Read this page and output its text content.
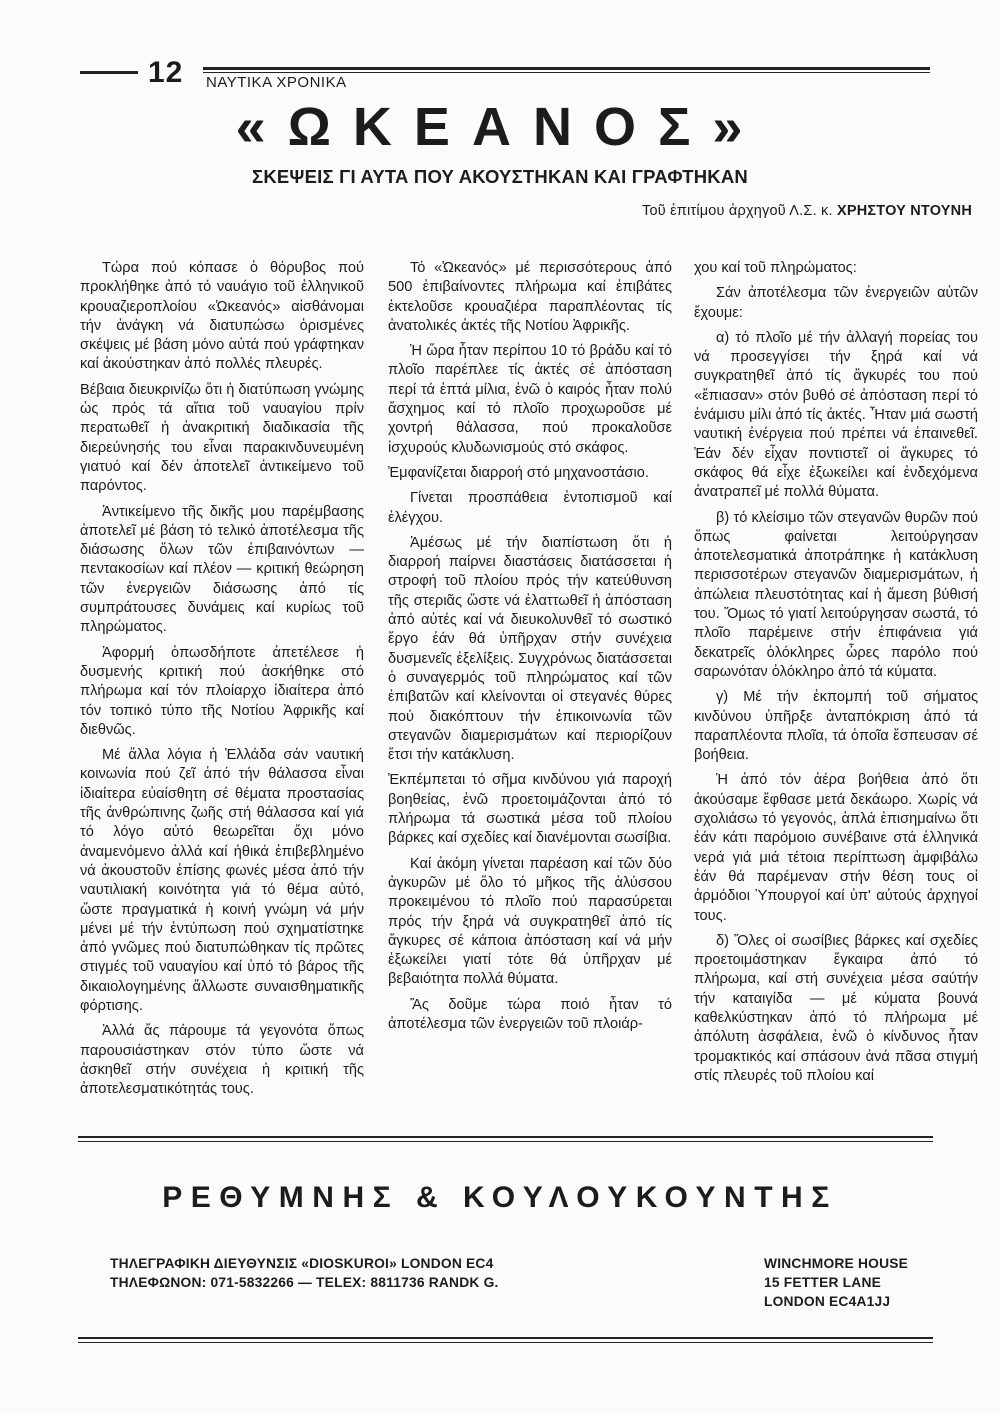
12 ΝΑΥΤΙΚΑ ΧΡΟΝΙΚΑ
«ΩΚΕΑΝΟΣ»
ΣΚΕΨΕΙΣ ΓΙ ΑΥΤΑ ΠΟΥ ΑΚΟΥΣΤΗΚΑΝ ΚΑΙ ΓΡΑΦΤΗΚΑΝ
Τοῦ ἐπιτίμου ἀρχηγοῦ Λ.Σ. κ. ΧΡΗΣΤΟΥ ΝΤΟΥΝΗ

Τώρα πού κόπασε ὁ θόρυβος πού προκλήθηκε ἀπό τό ναυάγιο τοῦ ἑλληνικοῦ κρουαζιεροπλοίου «Ὠκεανός» αἰσθάνομαι τήν ἀνάγκη νά διατυπώσω ὁρισμένες σκέψεις μέ βάση μόνο αὐτά πού γράφτηκαν καί ἀκούστηκαν ἀπό πολλές πλευρές.

Βέβαια διευκρινίζω ὅτι ἡ διατύπωση γνώμης ὡς πρός τά αἴτια τοῦ ναυαγίου πρίν περατωθεῖ ἡ ἀνακριτική διαδικασία τῆς διερεύνησής του εἶναι παρακινδυνευμένη γιατυό καί δέν ἀποτελεῖ ἀντικείμενο τοῦ παρόντος.

Ἀντικείμενο τῆς δικῆς μου παρέμβασης ἀποτελεῖ μέ βάση τό τελικό ἀποτέλεσμα τῆς διάσωσης ὅλων τῶν ἐπιβαινόντων — πεντακοσίων καί πλέον — κριτική θεώρηση τῶν ἐνεργειῶν διάσωσης ἀπό τίς συμπράτουσες δυνάμεις καί κυρίως τοῦ πληρώματος.

Ἀφορμή ὁπωσδήποτε ἀπετέλεσε ἡ δυσμενής κριτική πού ἀσκήθηκε στό πλήρωμα καί τόν πλοίαρχο ἰδιαίτερα ἀπό τόν τοπικό τύπο τῆς Νοτίου Ἀφρικῆς καί διεθνῶς.

Μέ ἄλλα λόγια ἡ Ἑλλάδα σάν ναυτική κοινωνία πού ζεῖ ἀπό τήν θάλασσα εἶναι ἰδιαίτερα εὐαίσθητη σέ θέματα προστασίας τῆς ἀνθρώπινης ζωῆς στή θάλασσα καί γιά τό λόγο αὐτό θεωρεῖται ὄχι μόνο ἀναμενόμενο ἀλλά καί ἠθικά ἐπιβεβλημένο νά ἀκουστοῦν ἐπίσης φωνές μέσα ἀπό τήν ναυτιλιακή κοινότητα γιά τό θέμα αὐτό, ὥστε πραγματικά ἡ κοινή γνώμη νά μήν μένει μέ τήν ἐντύπωση πού σχηματίστηκε ἀπό γνῶμες πού διατυπώθηκαν τίς πρῶτες στιγμές τοῦ ναυαγίου καί ὑπό τό βάρος τῆς δικαιολογημένης ἄλλωστε συναισθηματικῆς φόρτισης.

Ἀλλά ἄς πάρουμε τά γεγονότα ὅπως παρουσιάστηκαν στόν τύπο ὥστε νά ἀσκηθεῖ στήν συνέχεια ἡ κριτική τῆς ἀποτελεσματικότητάς τους.

Τό «Ὠκεανός» μέ περισσότερους ἀπό 500 ἐπιβαίνοντες πλήρωμα καί ἐπιβάτες ἐκτελοῦσε κρουαζιέρα παραπλέοντας τίς ἀνατολικές ἀκτές τῆς Νοτίου Ἀφρικῆς.

Ἡ ὥρα ἦταν περίπου 10 τό βράδυ καί τό πλοῖο παρέπλεε τίς ἀκτές σέ ἀπόσταση περί τά ἑπτά μίλια, ἐνῶ ὁ καιρός ἦταν πολύ ἄσχημος καί τό πλοῖο προχωροῦσε μέ χοντρή θάλασσα, πού προκαλοῦσε ἰσχυρούς κλυδωνισμούς στό σκάφος.

Ἐμφανίζεται διαρροή στό μηχανοστάσιο.

Γίνεται προσπάθεια ἐντοπισμοῦ καί ἐλέγχου.

Ἀμέσως μέ τήν διαπίστωση ὅτι ἡ διαρροή παίρνει διαστάσεις διατάσσεται ἡ στροφή τοῦ πλοίου πρός τήν κατεύθυνση τῆς στεριᾶς ὥστε νά ἐλαττωθεῖ ἡ ἀπόσταση ἀπό αὐτές καί νά διευκολυνθεῖ τό σωστικό ἔργο ἐάν θά ὑπῆρχαν στήν συνέχεια δυσμενεῖς ἐξελίξεις. Συγχρόνως διατάσσεται ὁ συναγερμός τοῦ πληρώματος καί τῶν ἐπιβατῶν καί κλείνονται οἱ στεγανές θύρες πού διακόπτουν τήν ἐπικοινωνία τῶν στεγανῶν διαμερισμάτων καί περιορίζουν ἔτσι τήν κατάκλυση.

Ἐκπέμπεται τό σῆμα κινδύνου γιά παροχή βοηθείας, ἐνῶ προετοιμάζονται ἀπό τό πλήρωμα τά σωστικά μέσα τοῦ πλοίου βάρκες καί σχεδίες καί διανέμονται σωσίβια.

Καί ἀκόμη γίνεται παρέαση καί τῶν δύο ἀγκυρῶν μέ ὅλο τό μῆκος τῆς ἁλύσσου προκειμένου τό πλοῖο πού παρασύρεται πρός τήν ξηρά νά συγκρατηθεῖ ἀπό τίς ἄγκυρες σέ κάποια ἀπόσταση καί νά μήν ἐξωκείλει γιατί τότε θά ὑπῆρχαν μέ βεβαιότητα πολλά θύματα.

Ἄς δοῦμε τώρα ποιό ἦταν τό ἀποτέλεσμα τῶν ἐνεργειῶν τοῦ πλοιάρ-

χου καί τοῦ πληρώματος:

Σάν ἀποτέλεσμα τῶν ἐνεργειῶν αὐτῶν ἔχουμε:

α) τό πλοῖο μέ τήν ἀλλαγή πορείας του νά προσεγγίσει τήν ξηρά καί νά συγκρατηθεῖ ἀπό τίς ἄγκυρές του πού «ἔπιασαν» στόν βυθό σέ ἀπόσταση περί τό ἑνάμισυ μίλι ἀπό τίς ἀκτές. Ἦταν μιά σωστή ναυτική ἐνέργεια πού πρέπει νά ἐπαινεθεῖ. Ἐάν δέν εἶχαν ποντιστεῖ οἱ ἄγκυρες τό σκάφος θά εἶχε ἐξωκείλει καί ἐνδεχόμενα ἀνατραπεῖ μέ πολλά θύματα.

β) τό κλείσιμο τῶν στεγανῶν θυρῶν πού ὅπως φαίνεται λειτούργησαν ἀποτελεσματικά ἀποτράπηκε ἡ κατάκλυση περισσοτέρων στεγανῶν διαμερισμάτων, ἡ ἀπώλεια πλευστότητας καί ἡ ἄμεση βύθισή του. Ὅμως τό γιατί λειτούργησαν σωστά, τό πλοῖο παρέμεινε στήν ἐπιφάνεια γιά δεκατρεῖς ὁλόκληρες ὧρες παρόλο πού σαρωνόταν ὁλόκληρο ἀπό τά κύματα.

γ) Μέ τήν ἐκπομπή τοῦ σήματος κινδύνου ὑπῆρξε ἀνταπόκριση ἀπό τά παραπλέοντα πλοῖα, τά ὁποῖα ἔσπευσαν σέ βοήθεια.

Ἡ ἀπό τόν ἀέρα βοήθεια ἀπό ὅτι ἀκούσαμε ἔφθασε μετά δεκάωρο. Χωρίς νά σχολιάσω τό γεγονός, ἁπλά ἐπισημαίνω ὅτι ἐάν κάτι παρόμοιο συνέβαινε στά ἑλληνικά νερά γιά μιά τέτοια περίπτωση ἀμφιβάλω ἐάν θά παρέμεναν στήν θέση τους οἱ ἁρμόδιοι Ὑπουργοί καί ὑπ' αὐτούς ἀρχηγοί τους.

δ) Ὅλες οἱ σωσίβιες βάρκες καί σχεδίες προετοιμάστηκαν ἔγκαιρα ἀπό τό πλήρωμα, καί στή συνέχεια μέσα σαύτήν τήν καταιγίδα — μέ κύματα βουνά καθελκύστηκαν ἀπό τό πλήρωμα μέ ἀπόλυτη ἀσφάλεια, ἐνῶ ὁ κίνδυνος ἦταν τρομακτικός καί σπάσουν ἀνά πᾶσα στιγμή στίς πλευρές τοῦ πλοίου καί

ΡΕΘΥΜΝΗΣ & ΚΟΥΛΟΥΚΟΥΝΤΗΣ
ΤΗΛΕΓΡΑΦΙΚΗ ΔΙΕΥΘΥΝΣΙΣ «DIOSKUROI» LONDON EC4
ΤΗΛΕΦΩΝΟΝ: 071-5832266 — TELEX: 8811736 RANDK G.
WINCHMORE HOUSE
15 FETTER LANE
LONDON EC4A1JJ
